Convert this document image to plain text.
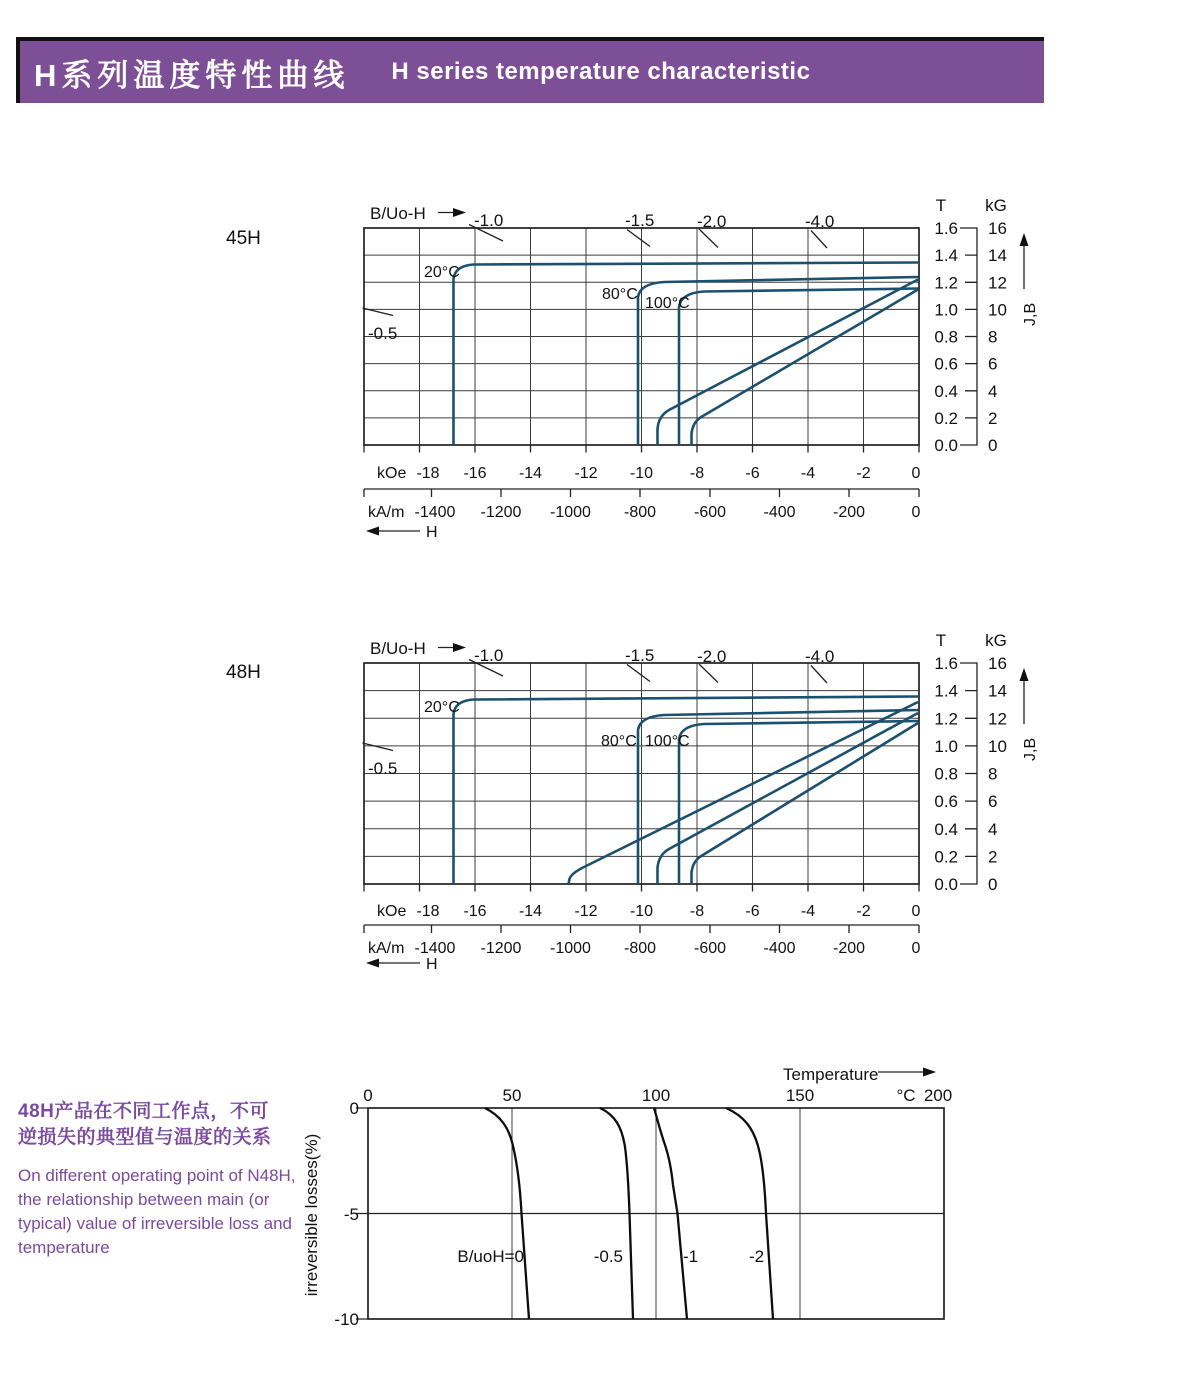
H系列温度特性曲线 H series temperature characteristic
48H产品在不同工作点，不可
逆损失的典型值与温度的关系
On different operating point of N48H,
the relationship between main (or
typical) value of irreversible loss and
temperature
45H
B/Uo-H	-1.0	-1.5	-2.0	-4.0
-0.5
20°C
80°C
100°C
T kG
1.6
1.4
1.2
1.0
0.8
0.6
0.4
0.2
0.0
16
14
12
10
8
6
4
2
0
J,B
kOe -18 -16 -14 -12 -10 -8	-6	-4	-2	0
kA/m -1400 -1200 -1000 -800 -600 -400 -200	0
H
48H
B/Uo-H	-1.0	-1.5	-2.0	-4.0
-0.5
20°C
80°C 100°C
T kG
1.6
1.4
1.2
1.0
0.8
0.6
0.4
0.2
0.0
16
14
12
10
8
6
4
2
0
J,B
kOe -18 -16 -14 -12 -10 -8	-6	-4	-2	0
kA/m -1400 -1200 -1000 -800 -600 -400 -200	0
H
Temperature
0	50	100	150	°C 200
0
-5
-10
irreversible losses(%)	B/uoH=0	-0.5	-1	-2
